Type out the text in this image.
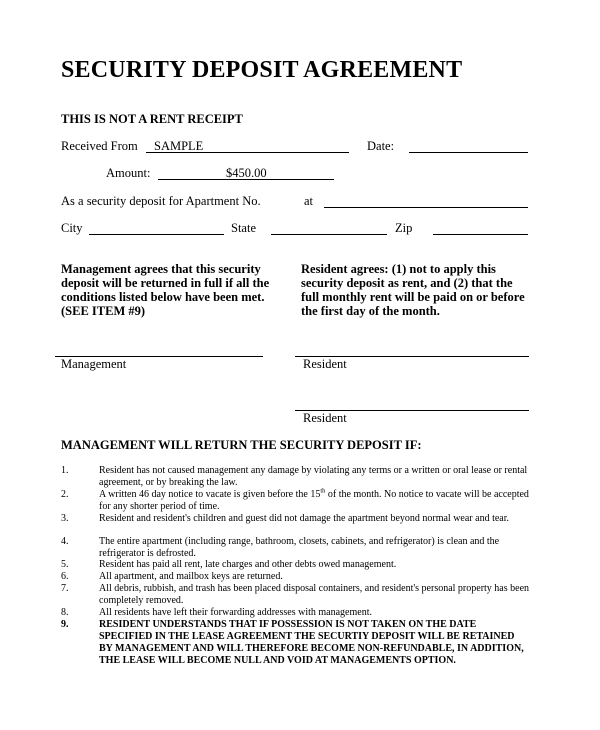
SECURITY DEPOSIT AGREEMENT
THIS IS NOT A RENT RECEIPT
Received From SAMPLE	Date:
Amount:	$450.00
As a security deposit for Apartment No.	at
City	State	Zip
Management agrees that this security deposit will be returned in full if all the conditions listed below have been met. (SEE ITEM #9)
Resident agrees: (1) not to apply this security deposit as rent, and (2) that the full monthly rent will be paid on or before the first day of the month.
Management	Resident
Resident
MANAGEMENT WILL RETURN THE SECURITY DEPOSIT IF:
1.	Resident has not caused management any damage by violating any terms or a written or oral lease or rental agreement, or by breaking the law.
2.	A written 46 day notice to vacate is given before the 15th of the month. No notice to vacate will be accepted for any shorter period of time.
3.	Resident and resident's children and guest did not damage the apartment beyond normal wear and tear.
4.	The entire apartment (including range, bathroom, closets, cabinets, and refrigerator) is clean and the refrigerator is defrosted.
5.	Resident has paid all rent, late charges and other debts owed management.
6.	All apartment, and mailbox keys are returned.
7.	All debris, rubbish, and trash has been placed disposal containers, and resident's personal property has been completely removed.
8.	All residents have left their forwarding addresses with management.
9.	RESIDENT UNDERSTANDS THAT IF POSSESSION IS NOT TAKEN ON THE DATE SPECIFIED IN THE LEASE AGREEMENT THE SECURTIY DEPOSIT WILL BE RETAINED BY MANAGEMENT AND WILL THEREFORE BECOME NON-REFUNDABLE, IN ADDITION, THE LEASE WILL BECOME NULL AND VOID AT MANAGEMENTS OPTION.
